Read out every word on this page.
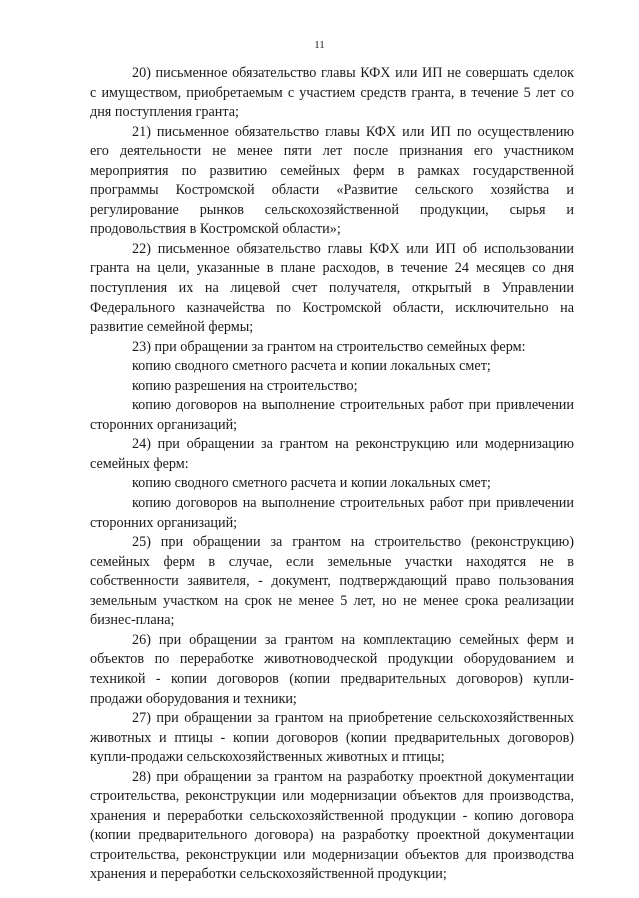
11

20) письменное обязательство главы КФХ или ИП не совершать сделок с имуществом, приобретаемым с участием средств гранта, в течение 5 лет со дня поступления гранта;

21) письменное обязательство главы КФХ или ИП по осуществлению его деятельности не менее пяти лет после признания его участником мероприятия по развитию семейных ферм в рамках государственной программы Костромской области «Развитие сельского хозяйства и регулирование рынков сельскохозяйственной продукции, сырья и продовольствия в Костромской области»;

22) письменное обязательство главы КФХ или ИП об использовании гранта на цели, указанные в плане расходов, в течение 24 месяцев со дня поступления их на лицевой счет получателя, открытый в Управлении Федерального казначейства по Костромской области, исключительно на развитие семейной фермы;

23) при обращении за грантом на строительство семейных ферм:

копию сводного сметного расчета и копии локальных смет;

копию разрешения на строительство;

копию договоров на выполнение строительных работ при привлечении сторонних организаций;

24) при обращении за грантом на реконструкцию или модернизацию семейных ферм:

копию сводного сметного расчета и копии локальных смет;

копию договоров на выполнение строительных работ при привлечении сторонних организаций;

25) при обращении за грантом на строительство (реконструкцию) семейных ферм в случае, если земельные участки находятся не в собственности заявителя, - документ, подтверждающий право пользования земельным участком на срок не менее 5 лет, но не менее срока реализации бизнес-плана;

26) при обращении за грантом на комплектацию семейных ферм и объектов по переработке животноводческой продукции оборудованием и техникой - копии договоров (копии предварительных договоров) купли-продажи оборудования и техники;

27) при обращении за грантом на приобретение сельскохозяйственных животных и птицы - копии договоров (копии предварительных договоров) купли-продажи сельскохозяйственных животных и птицы;

28) при обращении за грантом на разработку проектной документации строительства, реконструкции или модернизации объектов для производства, хранения и переработки сельскохозяйственной продукции - копию договора (копии предварительного договора) на разработку проектной документации строительства, реконструкции или модернизации объектов для производства хранения и переработки сельскохозяйственной продукции;
